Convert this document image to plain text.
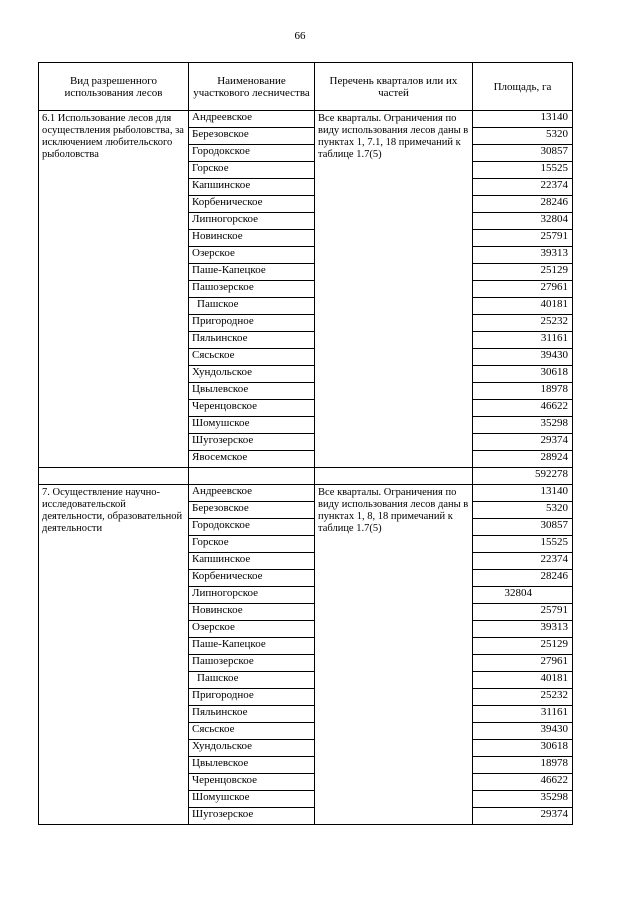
66
Вид разрешенного использования лесов	Наименование участкового лесничества	Перечень кварталов или их частей	Площадь, га
6.1 Использование лесов для осуществления рыболовства, за исключением любительского рыболовства	Андреевское	Все кварталы. Ограничения по виду использования лесов даны в пунктах 1, 7.1, 18 примечаний к таблице 1.7(5)	13140
	Березовское		5320
	Городокское		30857
	Горское		15525
	Капшинское		22374
	Корбеничеcкое		28246
	Липногорское		32804
	Новинское		25791
	Озерское		39313
	Паше-Капецкое		25129
	Пашозерское		27961
	Пашское		40181
	Пригородное		25232
	Пяльинское		31161
	Сясьское		39430
	Хундольское		30618
	Цвылевское		18978
	Черенцовское		46622
	Шомушское		35298
	Шугозерское		29374
	Явосемское		28924
			592278
7. Осуществление научно-исследовательской деятельности, образовательной деятельности	Андреевское	Все кварталы. Ограничения по виду использования лесов даны в пунктах 1, 8, 18 примечаний к таблице 1.7(5)	13140
	Березовское		5320
	Городокское		30857
	Горское		15525
	Капшинское		22374
	Корбеничеcкое		28246
	Липногорское		32804
	Новинское		25791
	Озерское		39313
	Паше-Капецкое		25129
	Пашозерское		27961
	Пашское		40181
	Пригородное		25232
	Пяльинское		31161
	Сясьское		39430
	Хундольское		30618
	Цвылевское		18978
	Черенцовское		46622
	Шомушское		35298
	Шугозерское		29374
